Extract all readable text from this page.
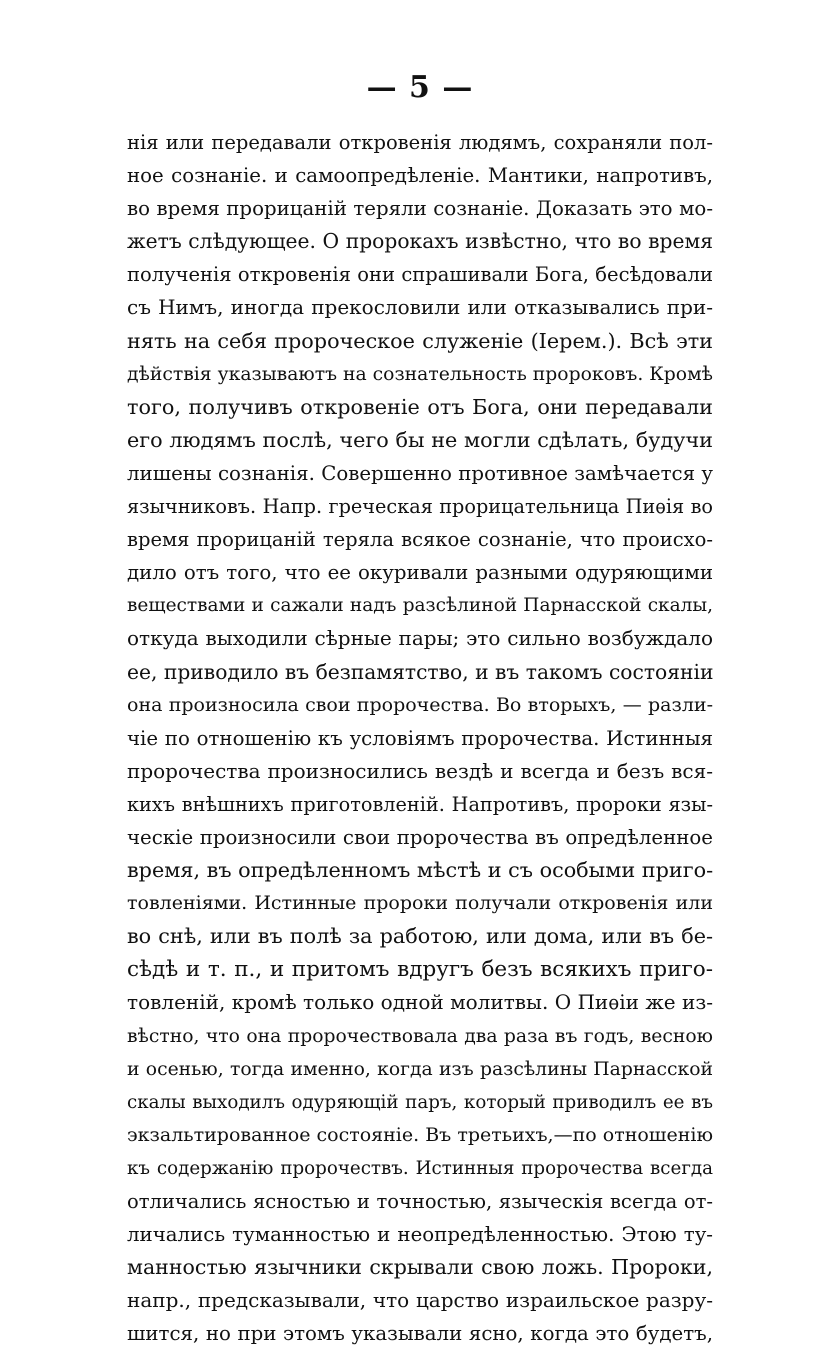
— 5 —
нія или передавали откровенія людямъ, сохраняли пол-
ное сознаніе. и самоопредѣленіе. Мантики, напротивъ,
во время прорицаній теряли сознаніе. Доказать это мо-
жетъ слѣдующее. О пророкахъ извѣстно, что во время
полученія откровенія они спрашивали Бога, бесѣдовали
съ Нимъ, иногда прекословили или отказывались при-
нять на себя пророческое служеніе (Іерем.). Всѣ эти
дѣйствія указываютъ на сознательность пророковъ. Кромѣ
того, получивъ откровеніе отъ Бога, они передавали
его людямъ послѣ, чего бы не могли сдѣлать, будучи
лишены сознанія. Совершенно противное замѣчается у
язычниковъ. Напр. греческая прорицательница Пиѳія во
время прорицаній теряла всякое сознаніе, что происхо-
дило отъ того, что ее окуривали разными одуряющими
веществами и сажали надъ разсѣлиной Парнасской скалы,
откуда выходили сѣрные пары; это сильно возбуждало
ее, приводило въ безпамятство, и въ такомъ состояніи
она произносила свои пророчества. Во вторыхъ, — разли-
чіе по отношенію къ условіямъ пророчества. Истинныя
пророчества произносились вездѣ и всегда и безъ вся-
кихъ внѣшнихъ приготовленій. Напротивъ, пророки язы-
ческіе произносили свои пророчества въ опредѣленное
время, въ опредѣленномъ мѣстѣ и съ особыми приго-
товленіями. Истинные пророки получали откровенія или
во снѣ, или въ полѣ за работою, или дома, или въ бе-
сѣдѣ и т. п., и притомъ вдругъ безъ всякихъ приго-
товленій, кромѣ только одной молитвы. О Пиѳіи же из-
вѣстно, что она пророчествовала два раза въ годъ, весною
и осенью, тогда именно, когда изъ разсѣлины Парнасской
скалы выходилъ одуряющій паръ, который приводилъ ее въ
экзальтированное состояніе. Въ третьихъ,—по отношенію
къ содержанію пророчествъ. Истинныя пророчества всегда
отличались ясностью и точностью, языческія всегда от-
личались туманностью и неопредѣленностью. Этою ту-
манностью язычники скрывали свою ложь. Пророки,
напр., предсказывали, что царство израильское разру-
шится, но при этомъ указывали ясно, когда это будетъ,
